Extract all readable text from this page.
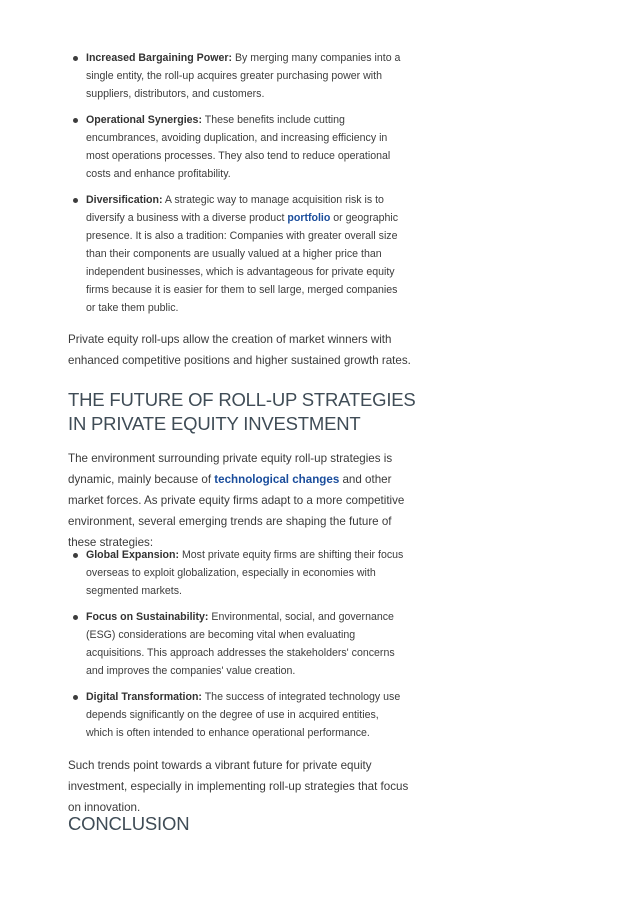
Increased Bargaining Power: By merging many companies into a single entity, the roll-up acquires greater purchasing power with suppliers, distributors, and customers.
Operational Synergies: These benefits include cutting encumbrances, avoiding duplication, and increasing efficiency in most operations processes. They also tend to reduce operational costs and enhance profitability.
Diversification: A strategic way to manage acquisition risk is to diversify a business with a diverse product portfolio or geographic presence. It is also a tradition: Companies with greater overall size than their components are usually valued at a higher price than independent businesses, which is advantageous for private equity firms because it is easier for them to sell large, merged companies or take them public.

Private equity roll-ups allow the creation of market winners with enhanced competitive positions and higher sustained growth rates.

THE FUTURE OF ROLL-UP STRATEGIES IN PRIVATE EQUITY INVESTMENT

The environment surrounding private equity roll-up strategies is dynamic, mainly because of technological changes and other market forces. As private equity firms adapt to a more competitive environment, several emerging trends are shaping the future of these strategies:

Global Expansion: Most private equity firms are shifting their focus overseas to exploit globalization, especially in economies with segmented markets.
Focus on Sustainability: Environmental, social, and governance (ESG) considerations are becoming vital when evaluating acquisitions. This approach addresses the stakeholders' concerns and improves the companies' value creation.
Digital Transformation: The success of integrated technology use depends significantly on the degree of use in acquired entities, which is often intended to enhance operational performance.

Such trends point towards a vibrant future for private equity investment, especially in implementing roll-up strategies that focus on innovation.

CONCLUSION
